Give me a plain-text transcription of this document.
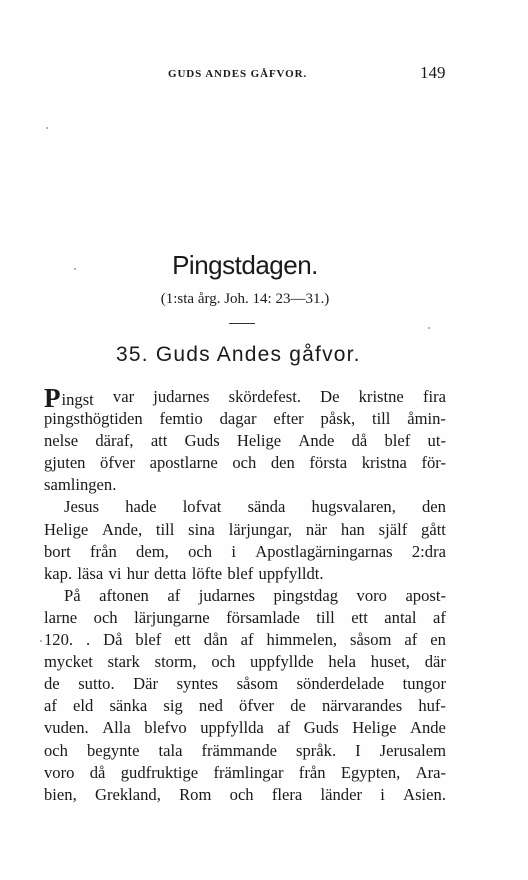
GUDS ANDES GÅFVOR.	149
Pingstdagen.
(1:sta årg. Joh. 14: 23—31.)
35. Guds Andes gåfvor.
P ingst var judarnes skördefest. De kristne fira
pingsthögtiden femtio dagar efter påsk, till åmin-
nelse däraf, att Guds Helige Ande då blef ut-
gjuten öfver apostlarne och den första kristna för-
samlingen.
Jesus hade lofvat sända hugsvalaren, den
Helige Ande, till sina lärjungar, när han själf gått
bort från dem, och i Apostlagärningarnas 2:dra
kap. läsa vi hur detta löfte blef uppfylldt.
På aftonen af judarnes pingstdag voro apost-
larne och lärjungarne församlade till ett antal af
120. . Då blef ett dån af himmelen, såsom af en
mycket stark storm, och uppfyllde hela huset, där
de sutto. Där syntes såsom sönderdelade tungor
af eld sänka sig ned öfver de närvarandes huf-
vuden. Alla blefvo uppfyllda af Guds Helige Ande
och begynte tala främmande språk. I Jerusalem
voro då gudfruktige främlingar från Egypten, Ara-
bien, Grekland, Rom och flera länder i Asien.
